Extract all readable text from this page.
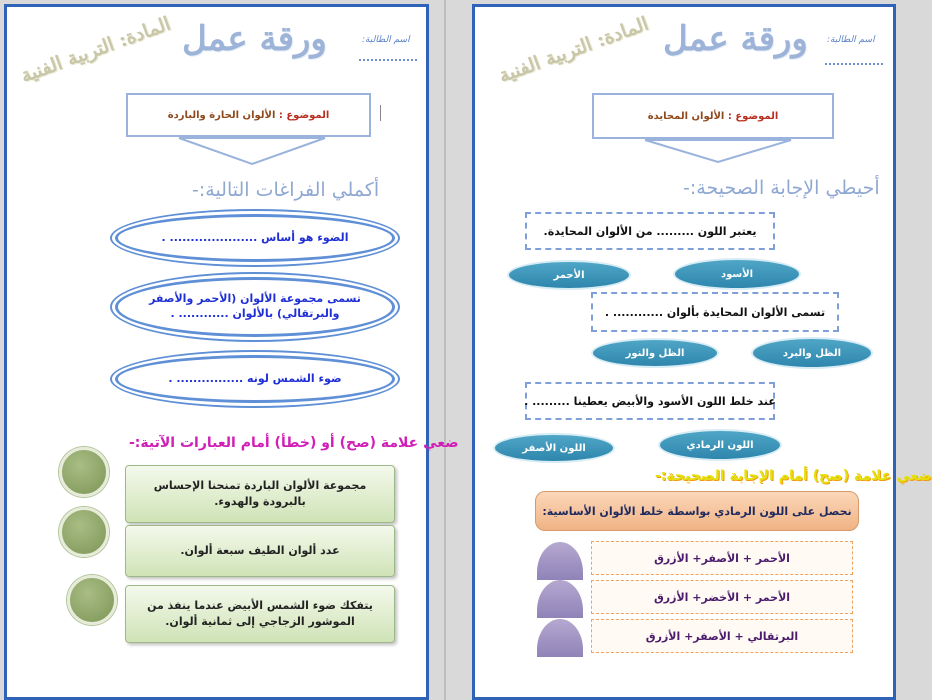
المادة: التربية الفنية ورقة عمل	اسم الطالبة:
الموضوع :

الألوان الحارة والباردة
أكملي الفراغات التالية:-
الضوء هو أساس ..................... .
تسمى مجموعة الألوان (الأحمر والأصفر والبرتقالي) بالألوان ............ .
ضوء الشمس لونه ................ .
ضعي علامة (صح) أو (خطأ) أمام العبارات الآتية:-
مجموعة الألوان الباردة تمنحنا الإحساس بالبرودة والهدوء.
عدد ألوان الطيف سبعة ألوان.
يتفكك ضوء الشمس الأبيض عندما ينفذ من الموشور الزجاجي إلى ثمانية ألوان.
المادة: التربية الفنية ورقة عمل اسم الطالبة:
الموضوع :

الألوان المحايدة
أحيطي الإجابة الصحيحة:-
يعتبر اللون ......... من الألوان المحايدة.
الأسود
الأحمر
تسمى الألوان المحايدة بألوان ............ .
الظل والبرد
الظل والنور
عند خلط اللون الأسود والأبيض يعطينا ......... .
اللون الرمادي
اللون الأصفر
ضعي علامة (صح) أمام الإجابة الصحيحة:-
نحصل على اللون الرمادي بواسطة خلط الألوان الأساسية:
الأحمر + الأصفر+ الأزرق
الأحمر + الأخضر+ الأزرق
البرتقالي + الأصفر+ الأزرق
